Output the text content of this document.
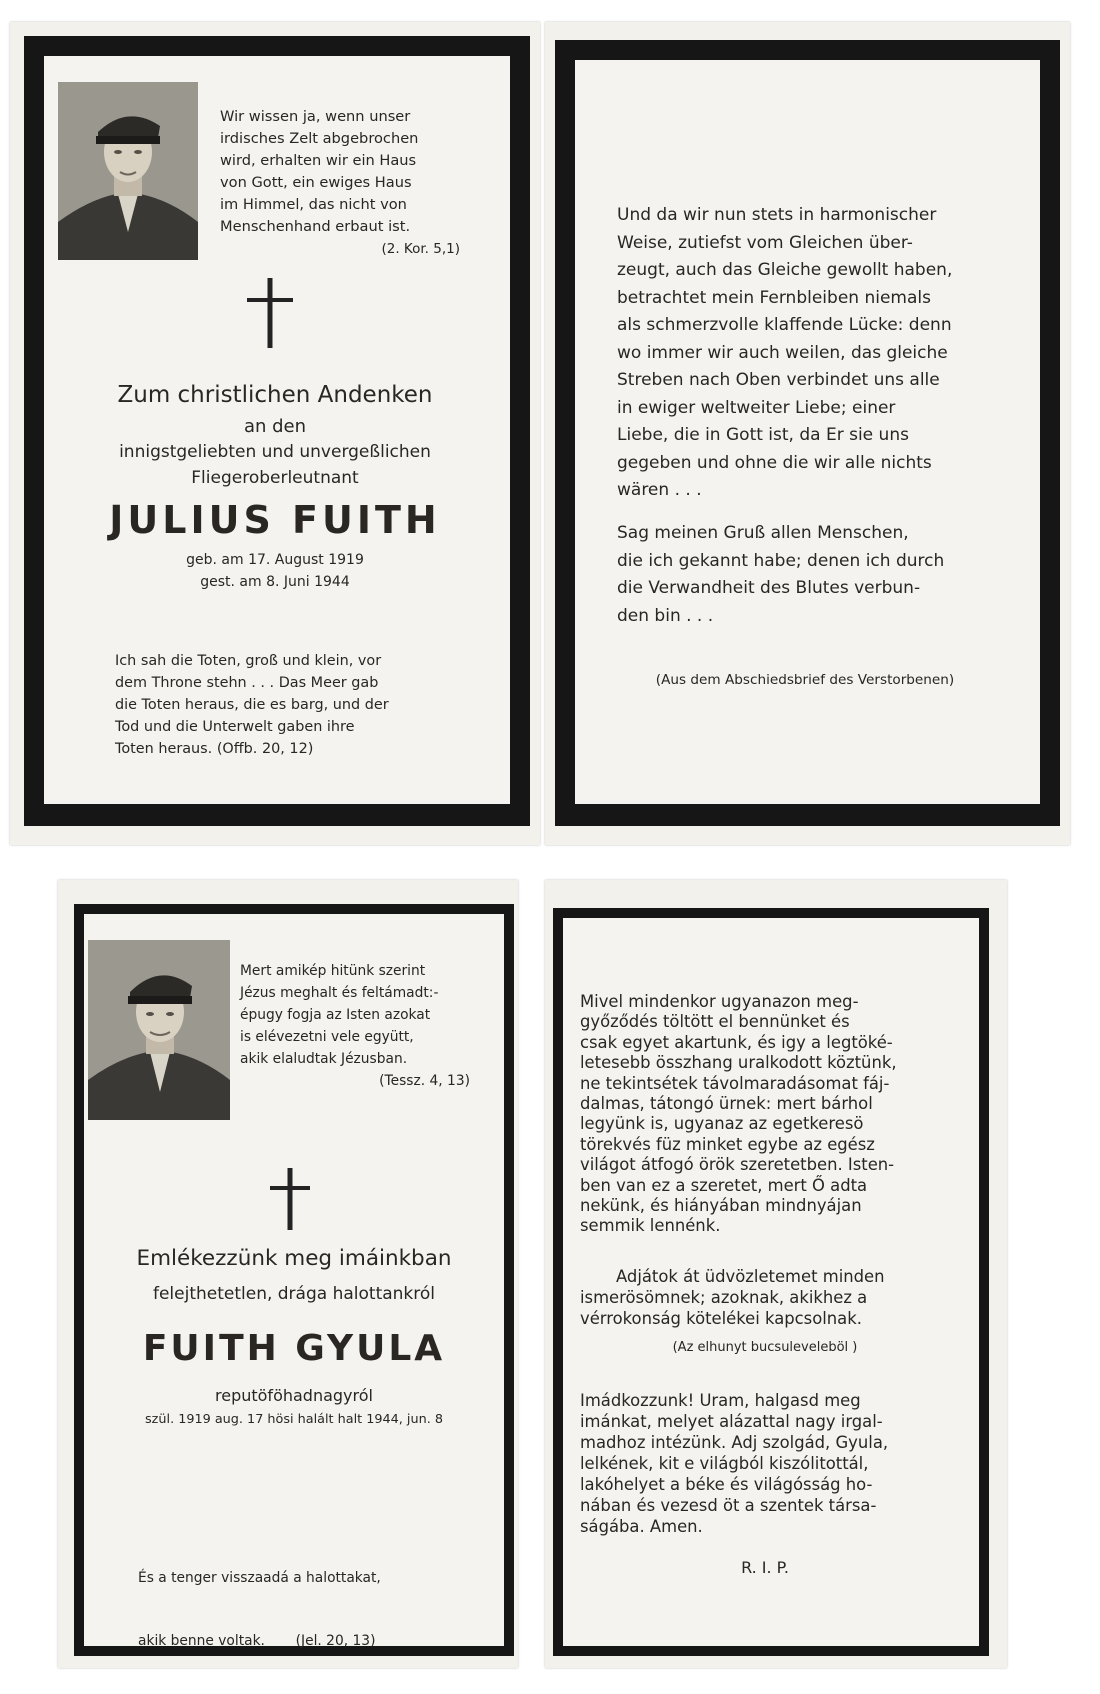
Wir wissen ja, wenn unser
irdisches Zelt abgebrochen
wird, erhalten wir ein Haus
von Gott, ein ewiges Haus
im Himmel, das nicht von
Menschenhand erbaut ist.
(2. Kor. 5,1)
Zum christlichen Andenken
an den
innigstgeliebten und unvergeßlichen
Fliegeroberleutnant
JULIUS FUITH
geb. am 17. August 1919
gest. am 8. Juni 1944
Ich sah die Toten, groß und klein, vor
dem Throne stehn . . . Das Meer gab
die Toten heraus, die es barg, und der
Tod und die Unterwelt gaben ihre
Toten heraus. (Offb. 20, 12)
Und da wir nun stets in harmonischer
Weise, zutiefst vom Gleichen über-
zeugt, auch das Gleiche gewollt haben,
betrachtet mein Fernbleiben niemals
als schmerzvolle klaffende Lücke: denn
wo immer wir auch weilen, das gleiche
Streben nach Oben verbindet uns alle
in ewiger weltweiter Liebe; einer
Liebe, die in Gott ist, da Er sie uns
gegeben und ohne die wir alle nichts
wären . . .
Sag meinen Gruß allen Menschen,
die ich gekannt habe; denen ich durch
die Verwandheit des Blutes verbun-
den bin . . .
(Aus dem Abschiedsbrief des Verstorbenen)
Mert amikép hitünk szerint
Jézus meghalt és feltámadt:-
épugy fogja az Isten azokat
is elévezetni vele együtt,
akik elaludtak Jézusban.
(Tessz. 4, 13)
Emlékezzünk meg imáinkban
felejthetetlen, drága halottankról
FUITH GYULA
reputöföhadnagyról
szül. 1919 aug. 17 hösi halált halt 1944, jun. 8

És a tenger visszaadá a halottakat,

akik benne voltak.       (Jel. 20, 13)

Mivel mindenkor ugyanazon meg-
győződés töltött el bennünket és
csak egyet akartunk, és igy a legtöké-
letesebb összhang uralkodott köztünk,
ne tekintsétek távolmaradásomat fáj-
dalmas, tátongó ürnek: mert bárhol
legyünk is, ugyanaz az egetkeresö
törekvés füz minket egybe az egész
világot átfogó örök szeretetben. Isten-
ben van ez a szeretet, mert Ő adta
nekünk, és hiányában mindnyájan
semmik lennénk.
Adjátok át üdvözletemet minden
ismerösömnek; azoknak, akikhez a
vérrokonság kötelékei kapcsolnak.
(Az elhunyt bucsuleveleböl )
Imádkozzunk! Uram, halgasd meg
imánkat, melyet alázattal nagy irgal-
madhoz intézünk. Adj szolgád, Gyula,
lelkének, kit e világból kiszólitottál,
lakóhelyet a béke és világósság ho-
nában és vezesd öt a szentek társa-
ságába. Amen.
R. I. P.
